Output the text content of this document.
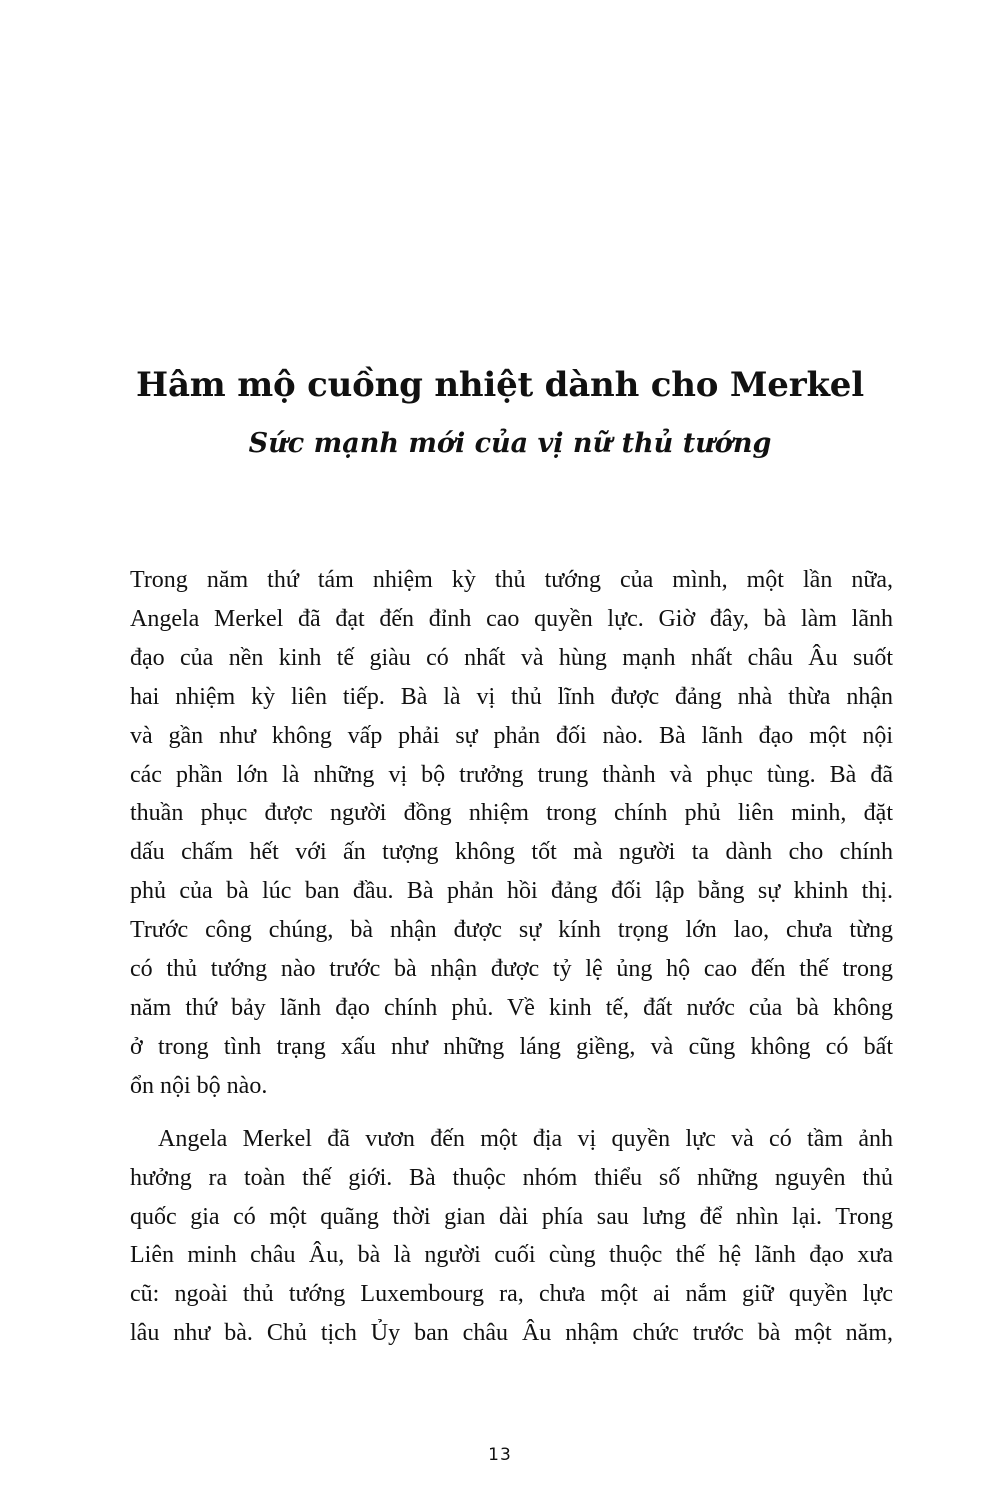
Hâm mộ cuồng nhiệt dành cho Merkel
Sức mạnh mới của vị nữ thủ tướng
Trong năm thứ tám nhiệm kỳ thủ tướng của mình, một lần nữa,
Angela Merkel đã đạt đến đỉnh cao quyền lực. Giờ đây, bà làm lãnh
đạo của nền kinh tế giàu có nhất và hùng mạnh nhất châu Âu suốt
hai nhiệm kỳ liên tiếp. Bà là vị thủ lĩnh được đảng nhà thừa nhận
và gần như không vấp phải sự phản đối nào. Bà lãnh đạo một nội
các phần lớn là những vị bộ trưởng trung thành và phục tùng. Bà đã
thuần phục được người đồng nhiệm trong chính phủ liên minh, đặt
dấu chấm hết với ấn tượng không tốt mà người ta dành cho chính
phủ của bà lúc ban đầu. Bà phản hồi đảng đối lập bằng sự khinh thị.
Trước công chúng, bà nhận được sự kính trọng lớn lao, chưa từng
có thủ tướng nào trước bà nhận được tỷ lệ ủng hộ cao đến thế trong
năm thứ bảy lãnh đạo chính phủ. Về kinh tế, đất nước của bà không
ở trong tình trạng xấu như những láng giềng, và cũng không có bất
ổn nội bộ nào.
Angela Merkel đã vươn đến một địa vị quyền lực và có tầm ảnh
hưởng ra toàn thế giới. Bà thuộc nhóm thiểu số những nguyên thủ
quốc gia có một quãng thời gian dài phía sau lưng để nhìn lại. Trong
Liên minh châu Âu, bà là người cuối cùng thuộc thế hệ lãnh đạo xưa
cũ: ngoài thủ tướng Luxembourg ra, chưa một ai nắm giữ quyền lực
lâu như bà. Chủ tịch Ủy ban châu Âu nhậm chức trước bà một năm,
13
